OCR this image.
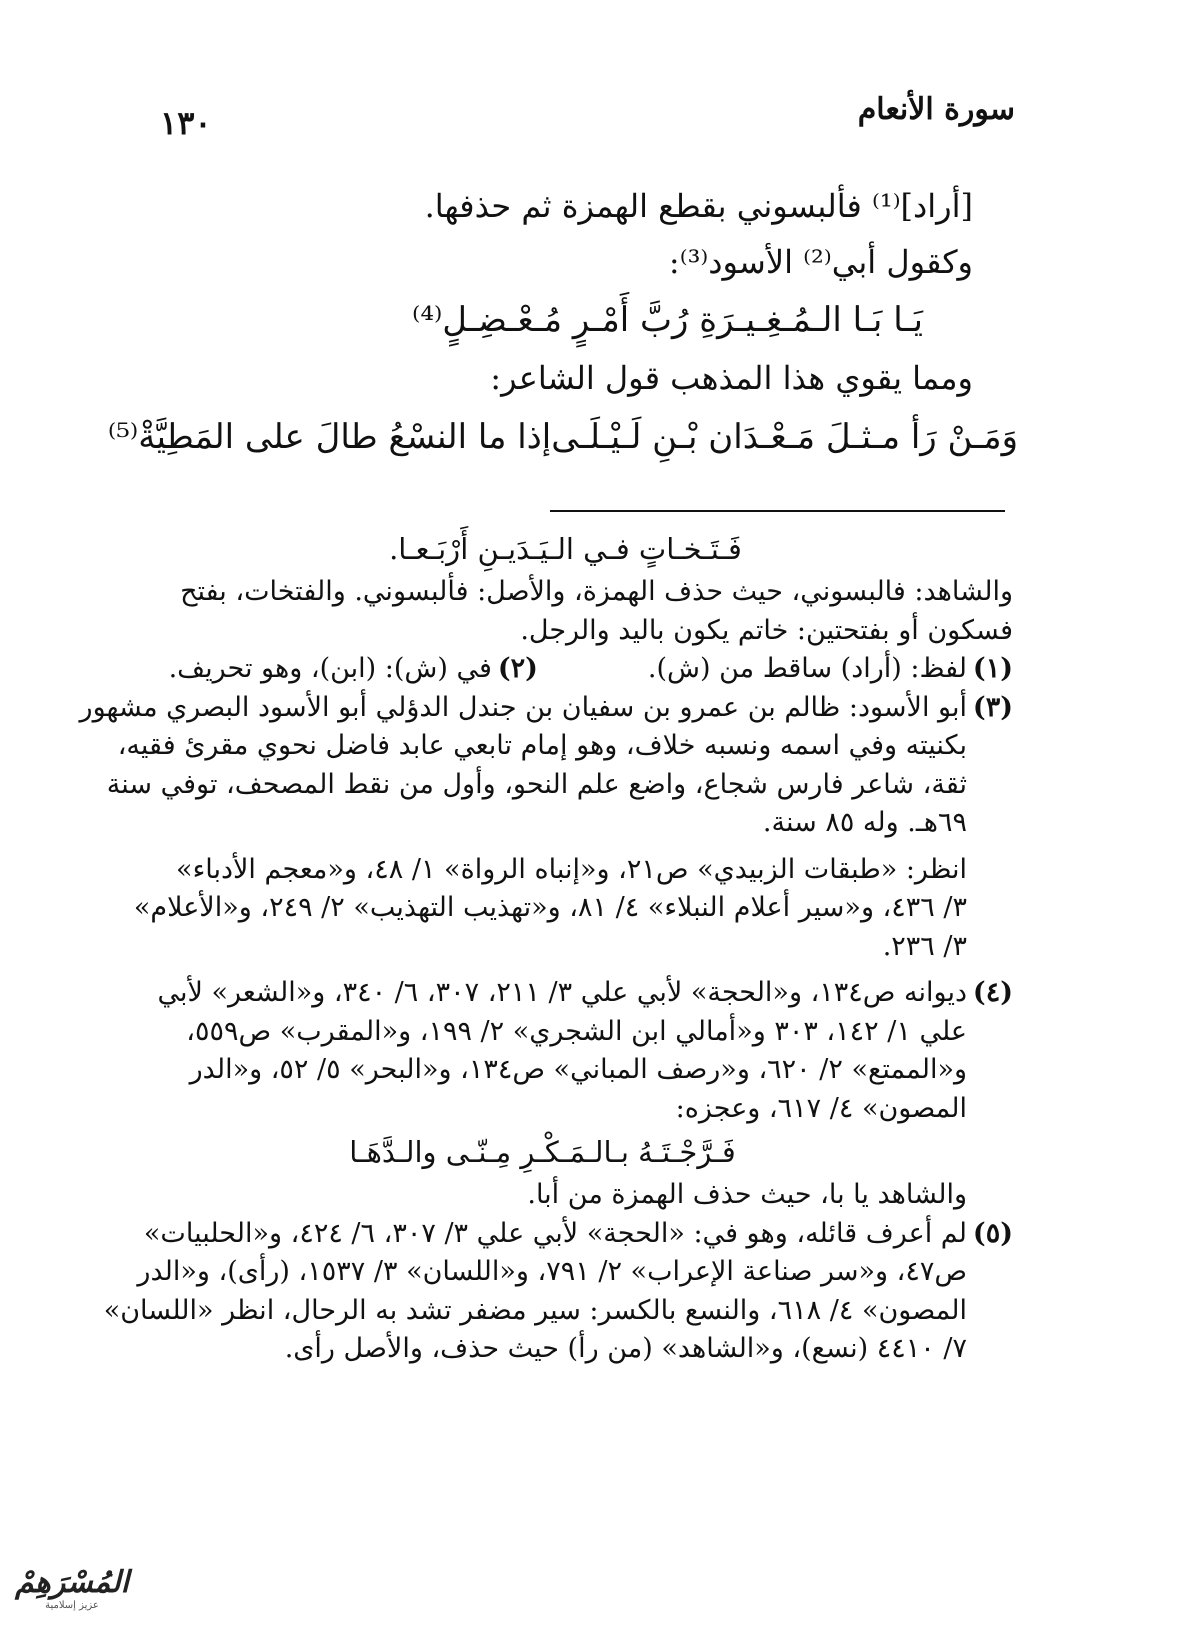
سورة الأنعام
١٣٠
[أراد]⁽¹⁾ فألبسوني بقطع الهمزة ثم حذفها.
وكقول أبي⁽²⁾ الأسود⁽³⁾:
يَـا بَـا الـمُـغِـيـرَةِ رُبَّ أَمْـرٍ مُـعْـضِـلٍ⁽⁴⁾
ومما يقوي هذا المذهب قول الشاعر:
وَمَـنْ رَأ مـثـلَ مَـعْـدَان بْـنِ لَـيْـلَـى
إذا ما النسْعُ طالَ على المَطِيَّةْ⁽⁵⁾
فَـتَـخـاتٍ فـي الـيَـدَيـنِ أَرْبَـعـا.
والشاهد: فالبسوني، حيث حذف الهمزة، والأصل: فألبسوني. والفتخات، بفتح
فسكون أو بفتحتين: خاتم يكون باليد والرجل.
(١)
لفظ: (أراد) ساقط من (ش).
(٢)
في (ش): (ابن)، وهو تحريف.
(٣)
أبو الأسود: ظالم بن عمرو بن سفيان بن جندل الدؤلي أبو الأسود البصري مشهور
بكنيته وفي اسمه ونسبه خلاف، وهو إمام تابعي عابد فاضل نحوي مقرئ فقيه،
ثقة، شاعر فارس شجاع، واضع علم النحو، وأول من نقط المصحف، توفي سنة
٦٩هـ. وله ٨٥ سنة.
انظر: «طبقات الزبيدي» ص٢١، و«إنباه الرواة» ١/ ٤٨، و«معجم الأدباء»
٣/ ٤٣٦، و«سير أعلام النبلاء» ٤/ ٨١، و«تهذيب التهذيب» ٢/ ٢٤٩، و«الأعلام»
٣/ ٢٣٦.
(٤)
ديوانه ص١٣٤، و«الحجة» لأبي علي ٣/ ٢١١، ٣٠٧، ٦/ ٣٤٠، و«الشعر» لأبي
علي ١/ ١٤٢، ٣٠٣ و«أمالي ابن الشجري» ٢/ ١٩٩، و«المقرب» ص٥٥٩،
و«الممتع» ٢/ ٦٢٠، و«رصف المباني» ص١٣٤، و«البحر» ٥/ ٥٢، و«الدر
المصون» ٤/ ٦١٧، وعجزه:
فَـرَّجْـتَـهُ بـالـمَـكْـرِ مِـنّـى والـدَّهَـا
والشاهد يا با، حيث حذف الهمزة من أبا.
(٥)
لم أعرف قائله، وهو في: «الحجة» لأبي علي ٣/ ٣٠٧، ٦/ ٤٢٤، و«الحلبيات»
ص٤٧، و«سر صناعة الإعراب» ٢/ ٧٩١، و«اللسان» ٣/ ١٥٣٧، (رأى)، و«الدر
المصون» ٤/ ٦١٨، والنسع بالكسر: سير مضفر تشد به الرحال، انظر «اللسان»
٧/ ٤٤١٠ (نسع)، و«الشاهد» (من رأ) حيث حذف، والأصل رأى.
المُسْرَهِمْ
عزيز إسلامية
